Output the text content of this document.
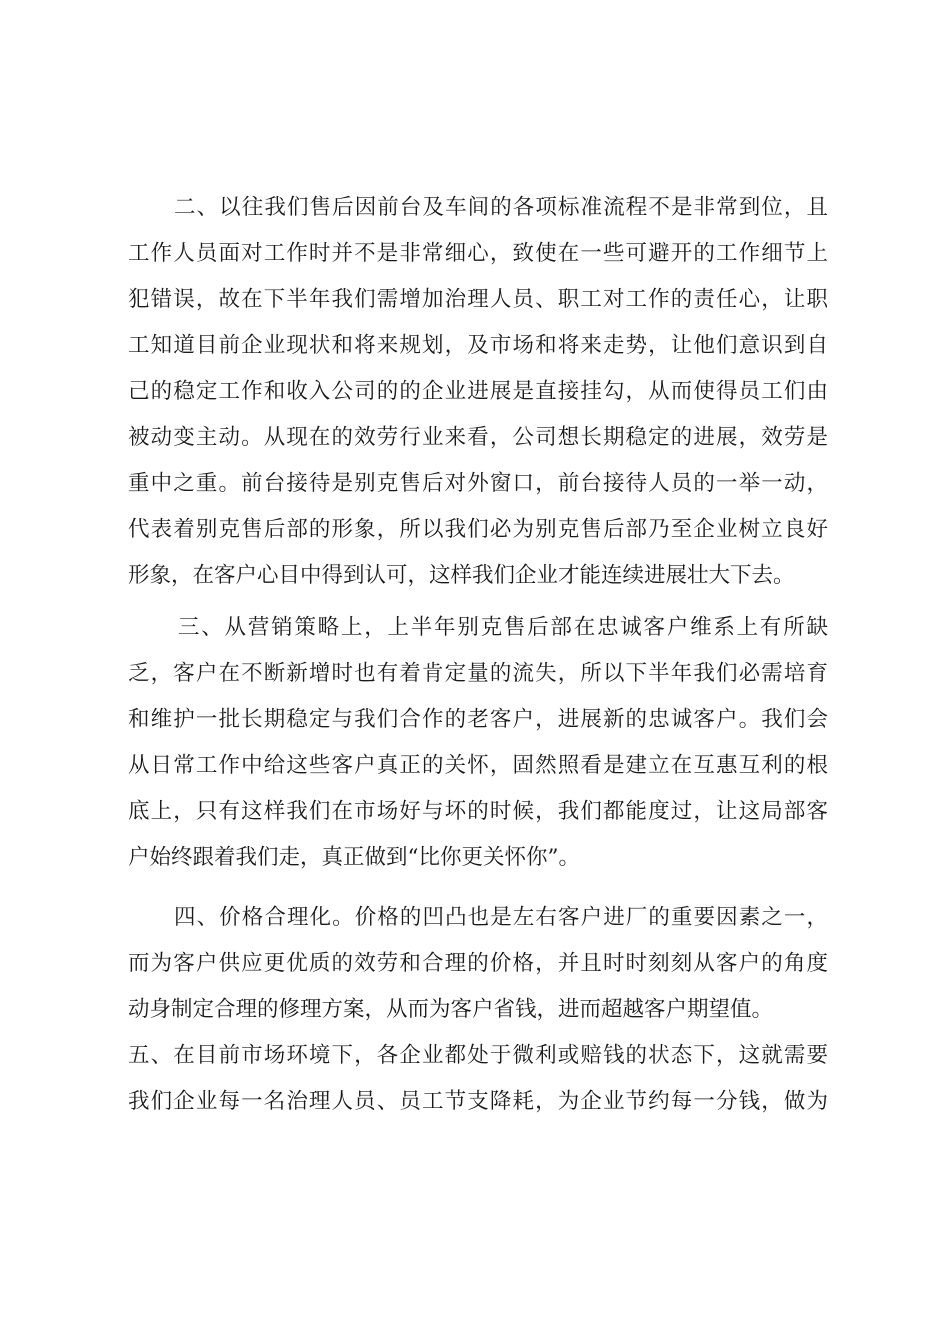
二、以往我们售后因前台及车间的各项标准流程不是非常到位，且
工作人员面对工作时并不是非常细心，致使在一些可避开的工作细节上
犯错误，故在下半年我们需增加治理人员、职工对工作的责任心，让职
工知道目前企业现状和将来规划，及市场和将来走势，让他们意识到自
己的稳定工作和收入公司的的企业进展是直接挂勾，从而使得员工们由
被动变主动。从现在的效劳行业来看，公司想长期稳定的进展，效劳是
重中之重。前台接待是别克售后对外窗口，前台接待人员的一举一动，
代表着别克售后部的形象，所以我们必为别克售后部乃至企业树立良好
形象，在客户心目中得到认可，这样我们企业才能连续进展壮大下去。
三、从营销策略上，上半年别克售后部在忠诚客户维系上有所缺
乏，客户在不断新增时也有着肯定量的流失，所以下半年我们必需培育
和维护一批长期稳定与我们合作的老客户，进展新的忠诚客户。我们会
从日常工作中给这些客户真正的关怀，固然照看是建立在互惠互利的根
底上，只有这样我们在市场好与坏的时候，我们都能度过，让这局部客
户始终跟着我们走，真正做到“比你更关怀你”。
四、价格合理化。价格的凹凸也是左右客户进厂的重要因素之一，
而为客户供应更优质的效劳和合理的价格，并且时时刻刻从客户的角度
动身制定合理的修理方案，从而为客户省钱，进而超越客户期望值。
五、在目前市场环境下，各企业都处于微利或赔钱的状态下，这就需要
我们企业每一名治理人员、员工节支降耗，为企业节约每一分钱，做为
